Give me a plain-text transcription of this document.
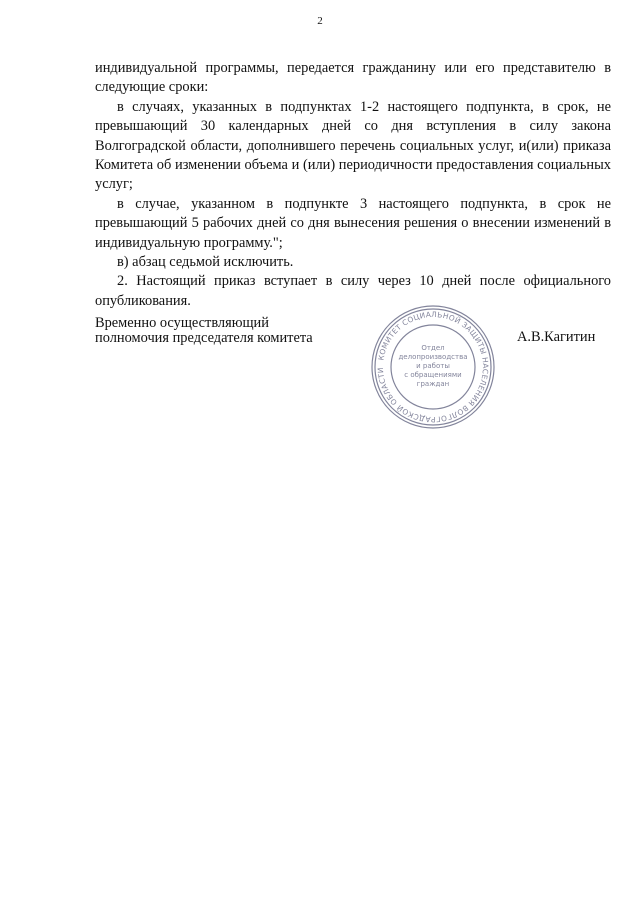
2

индивидуальной программы, передается гражданину или его представителю в следующие сроки:

в случаях, указанных в подпунктах 1-2 настоящего подпункта, в срок, не превышающий 30 календарных дней со дня вступления в силу закона Волгоградской области, дополнившего перечень социальных услуг, и(или) приказа Комитета об изменении объема и (или) периодичности предоставления социальных услуг;

в случае, указанном в подпункте 3 настоящего подпункта, в срок не превышающий 5 рабочих дней со дня вынесения решения о внесении изменений в индивидуальную программу.";

в) абзац седьмой исключить.

2. Настоящий приказ вступает в силу через 10 дней после официального опубликования.

Временно осуществляющий
полномочия председателя комитета	А.В.Кагитин
КОМИТЕТ СОЦИАЛЬНОЙ ЗАЩИТЫ НАСЕЛЕНИЯ ВОЛГОГРАДСКОЙ ОБЛАСТИ
Отдел
делопроизводства
и работы
с обращениями
граждан
